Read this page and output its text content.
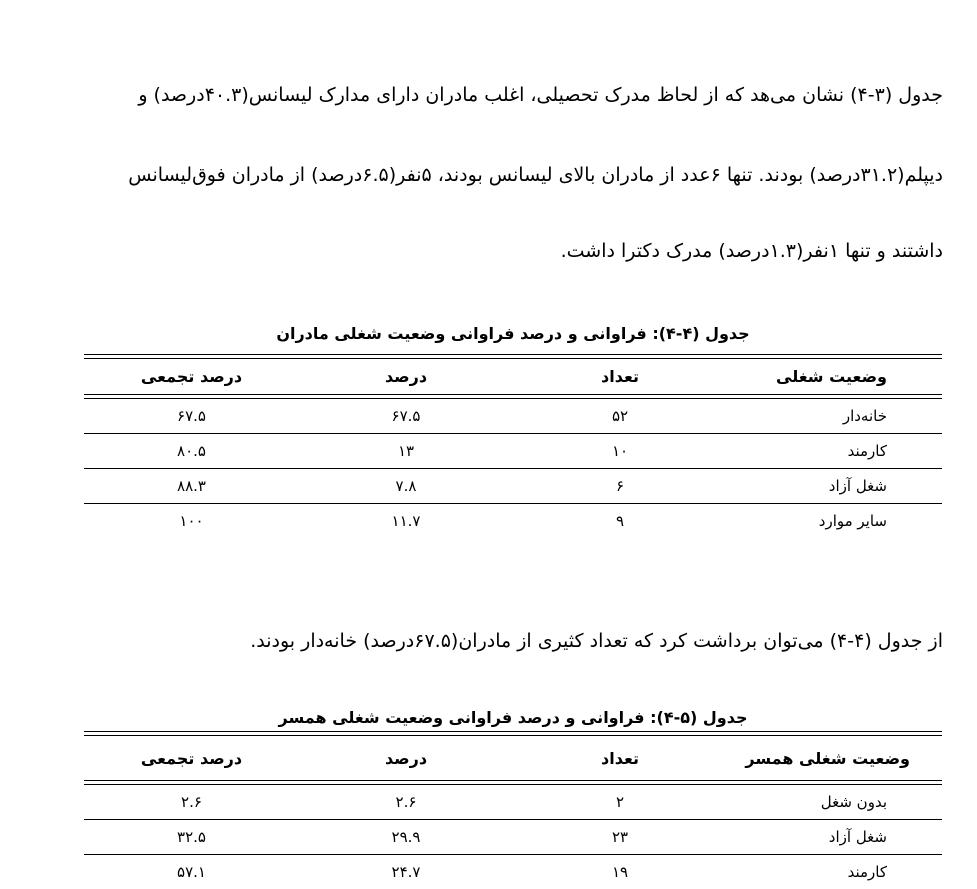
جدول (۳-۴) نشان می‌هد که از لحاظ مدرک تحصیلی، اغلب مادران دارای مدارک لیسانس(۴۰.۳درصد) و
دیپلم(۳۱.۲درصد) بودند. تنها ۶عدد از مادران بالای لیسانس بودند، ۵نفر(۶.۵درصد) از مادران فوق‌لیسانس
داشتند و تنها ۱نفر(۱.۳درصد) مدرک دکترا داشت.
جدول (۴-۴): فراوانی و درصد فراوانی وضعیت شغلی مادران
وضعیت شغلی
تعداد
درصد
درصد تجمعی
خانه‌دار
۵۲
۶۷.۵
۶۷.۵
کارمند
۱۰
۱۳
۸۰.۵
شغل آزاد
۶
۷.۸
۸۸.۳
سایر موارد
۹
۱۱.۷
۱۰۰
از جدول (۴-۴) می‌توان برداشت کرد که تعداد کثیری از مادران(۶۷.۵درصد) خانه‌دار بودند.
جدول (۵-۴): فراوانی و درصد فراوانی وضعیت شغلی همسر
وضعیت شغلی همسر
تعداد
درصد
درصد تجمعی
بدون شغل
۲
۲.۶
۲.۶
شغل آزاد
۲۳
۲۹.۹
۳۲.۵
کارمند
۱۹
۲۴.۷
۵۷.۱
